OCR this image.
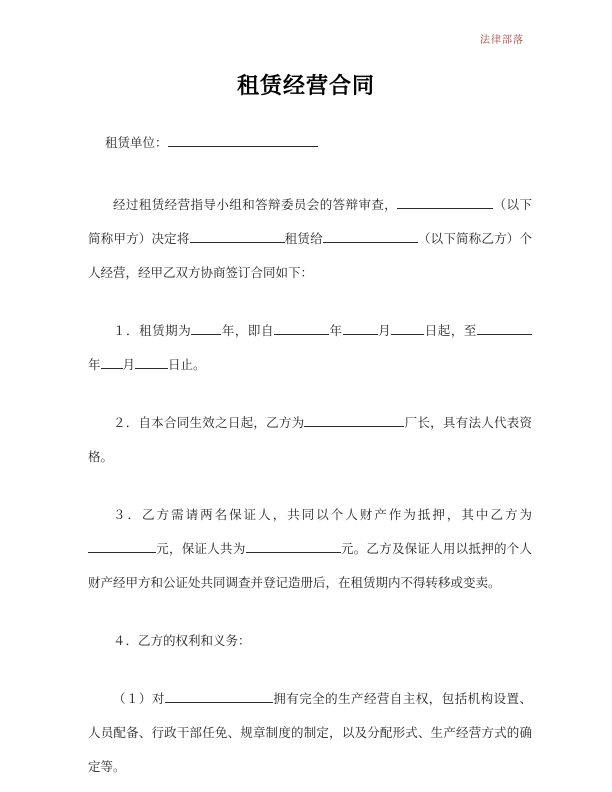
法律部落
租赁经营合同

租赁单位：

经过租赁经营指导小组和答辩委员会的答辩审查，	（以下简称甲方）决定将	租赁给	（以下简称乙方）个人经营，经甲乙双方协商签订合同如下：

１．租赁期为 年，即自	年	月	日起，至年 月	日止。

２．自本合同生效之日起，乙方为	厂长，具有法人代表资格。

３．乙方需请两名保证人，共同以个人财产作为抵押，其中乙方为元，保证人共为	元。乙方及保证人用以抵押的个人财产经甲方和公证处共同调查并登记造册后，在租赁期内不得转移或变卖。

４．乙方的权利和义务：

（１）对	拥有完全的生产经营自主权，包括机构设置、人员配备、行政干部任免、规章制度的制定，以及分配形式、生产经营方式的确定等。
